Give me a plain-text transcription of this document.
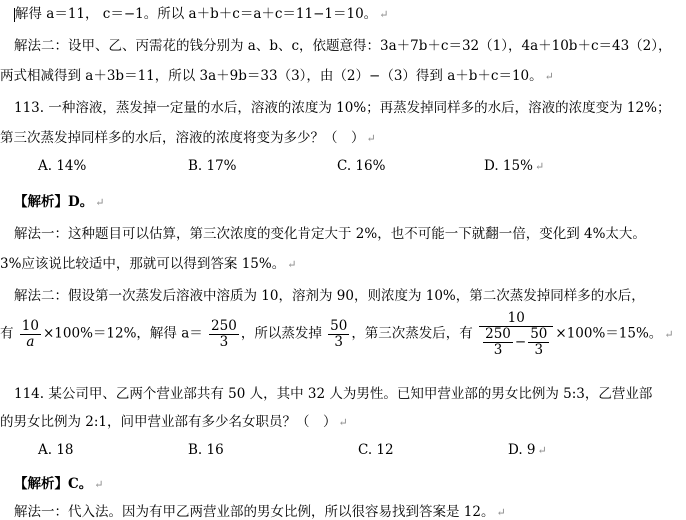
解得 a＝11， c＝−1。所以 a＋b＋c＝a＋c＝11−1＝10。 ↵
解法二：设甲、乙、丙需花的钱分别为 a、b、c，依题意得：3a＋7b＋c＝32（1），4a＋10b＋c＝43（2），
两式相减得到 a＋3b＝11，所以 3a＋9b＝33（3），由（2）−（3）得到 a＋b＋c＝10。 ↵
113. 一种溶液，蒸发掉一定量的水后，溶液的浓度为 10%；再蒸发掉同样多的水后，溶液的浓度变为 12%；
第三次蒸发掉同样多的水后，溶液的浓度将变为多少？（　） ↵
A. 14%	B. 17%	C. 16%	D. 15% ↵
【解析】D。 ↵
解法一：这种题目可以估算，第三次浓度的变化肯定大于 2%，也不可能一下就翻一倍，变化到 4%太大。
3%应该说比较适中，那就可以得到答案 15%。 ↵
解法二：假设第一次蒸发后溶液中溶质为 10，溶剂为 90，则浓度为 10%，第二次蒸发掉同样多的水后，
有 $\frac{10}{a} \times 100\%=12\%$，解得 $a= \frac{250}{3}$ ，所以蒸发掉 $\frac{50}{3}$ ，第三次蒸发后，有 $\frac{10}{\frac{250}{3} - \frac{50}{3}} \times 100\%=15\%$。 ↵
114. 某公司甲、乙两个营业部共有 50 人，其中 32 人为男性。已知甲营业部的男女比例为 5:3，乙营业部
的男女比例为 2:1，问甲营业部有多少名女职员？（　） ↵
A. 18	B. 16	C. 12	D. 9 ↵
【解析】C。 ↵
解法一：代入法。因为有甲乙两营业部的男女比例，所以很容易找到答案是 12。 ↵
